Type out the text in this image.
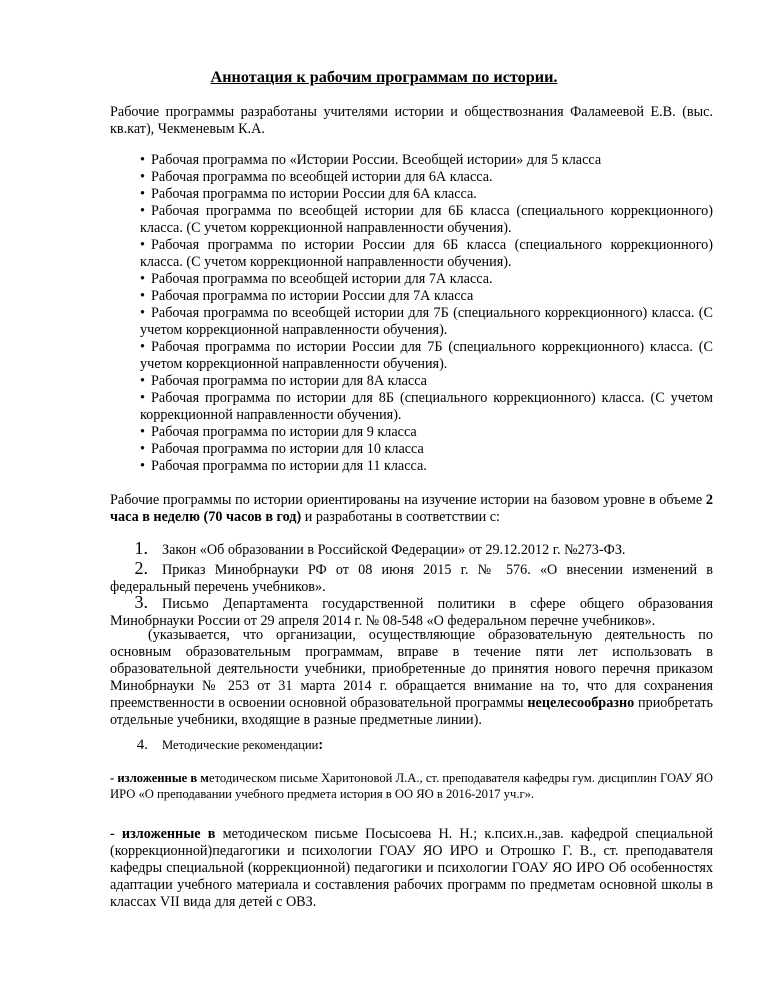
Аннотация к рабочим программам по истории.
Рабочие программы разработаны учителями истории и обществознания Фаламеевой Е.В. (выс. кв.кат), Чекменевым К.А.
• Рабочая программа по «Истории России. Всеобщей истории» для 5 класса
• Рабочая программа по всеобщей истории для 6А класса.
• Рабочая программа по истории России для 6А класса.
• Рабочая программа по всеобщей истории для 6Б класса (специального коррекционного) класса. (С учетом коррекционной направленности обучения).
• Рабочая программа по истории России для 6Б класса (специального коррекционного) класса. (С учетом коррекционной направленности обучения).
• Рабочая программа по всеобщей истории для 7А класса.
• Рабочая программа по истории России для 7А класса
• Рабочая программа по всеобщей истории для 7Б (специального коррекционного) класса. (С учетом коррекционной направленности обучения).
• Рабочая программа по истории России для 7Б (специального коррекционного) класса. (С учетом коррекционной направленности обучения).
• Рабочая программа по истории для 8А класса
• Рабочая программа по истории для 8Б (специального коррекционного) класса. (С учетом коррекционной направленности обучения).
• Рабочая программа по истории для 9 класса
• Рабочая программа по истории для 10 класса
• Рабочая программа по истории для 11 класса.
Рабочие программы по истории ориентированы на изучение истории на базовом уровне в объеме 2 часа в неделю (70 часов в год) и разработаны в соответствии с:
1. Закон «Об образовании в Российской Федерации» от 29.12.2012 г. №273-ФЗ.
2. Приказ Минобрнауки РФ от 08 июня 2015 г. № 576. «О внесении изменений в федеральный перечень учебников».
3. Письмо Департамента государственной политики в сфере общего образования Минобрнауки России от 29 апреля 2014 г. № 08-548 «О федеральном перечне учебников».
(указывается, что организации, осуществляющие образовательную деятельность по основным образовательным программам, вправе в течение пяти лет использовать в образовательной деятельности учебники, приобретенные до принятия нового перечня приказом Минобрнауки № 253 от 31 марта 2014 г. обращается внимание на то, что для сохранения преемственности в освоении основной образовательной программы нецелесообразно приобретать отдельные учебники, входящие в разные предметные линии).
4. Методические рекомендации:
- изложенные в методическом письме Харитоновой Л.А., ст. преподавателя кафедры гум. дисциплин ГОАУ ЯО ИРО «О преподавании учебного предмета история в ОО ЯО в 2016-2017 уч.г».
- изложенные в методическом письме Посысоева Н. Н.; к.псих.н.,зав. кафедрой специальной (коррекционной)педагогики и психологии ГОАУ ЯО ИРО и Отрошко Г. В., ст. преподавателя кафедры специальной (коррекционной) педагогики и психологии ГОАУ ЯО ИРО Об особенностях адаптации учебного материала и составления рабочих программ по предметам основной школы в классах VII вида для детей с ОВЗ.
